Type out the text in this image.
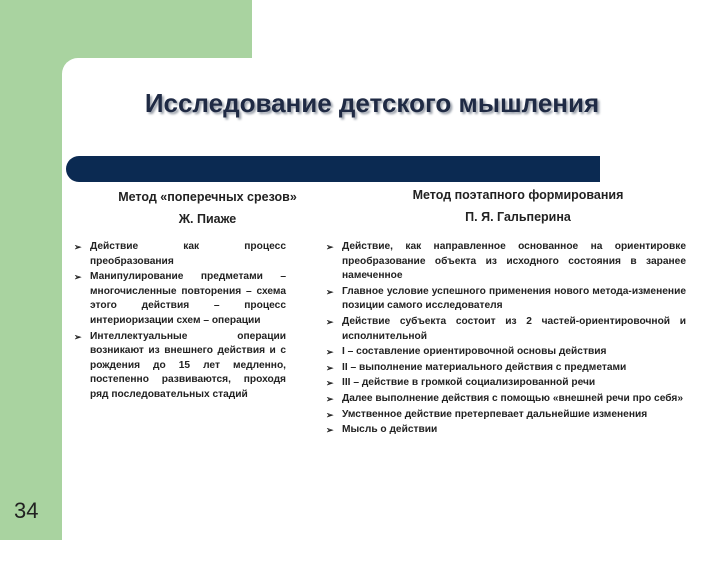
Исследование детского мышления
Метод «поперечных срезов»
Ж. Пиаже
Метод поэтапного формирования
П. Я. Гальперина
➢ Действие как процесс преобразования
➢ Манипулирование предметами – многочисленные повторения – схема этого действия – процесс интериоризации схем – операции
➢ Интеллектуальные операции возникают из внешнего действия и с рождения до 15 лет медленно, постепенно развиваются, проходя ряд последовательных стадий
➢ Действие, как направленное основанное на ориентировке преобразование объекта из исходного состояния в заранее намеченное
➢ Главное условие успешного применения нового метода-изменение позиции самого исследователя
➢ Действие субъекта состоит из 2 частей-ориентировочной и исполнительной
➢ I – составление ориентировочной основы действия
➢ II – выполнение материального действия с предметами
➢ III – действие в громкой социализированной речи
➢ Далее выполнение действия с помощью «внешней речи про себя»
➢ Умственное действие претерпевает дальнейшие изменения
➢ Мысль о действии
34
